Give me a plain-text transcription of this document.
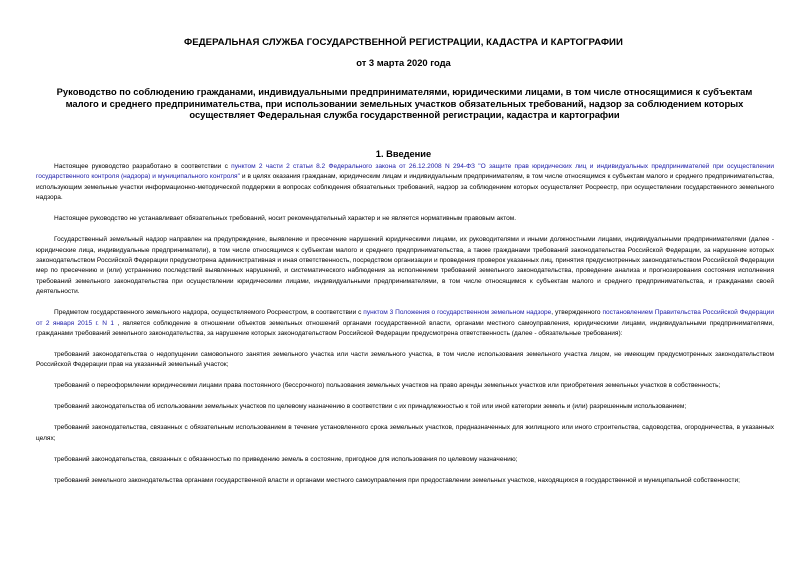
ФЕДЕРАЛЬНАЯ СЛУЖБА ГОСУДАРСТВЕННОЙ РЕГИСТРАЦИИ, КАДАСТРА И КАРТОГРАФИИ
от 3 марта 2020 года
Руководство по соблюдению гражданами, индивидуальными предпринимателями, юридическими лицами, в том числе относящимися к субъектам малого и среднего предпринимательства, при использовании земельных участков обязательных требований, надзор за соблюдением которых осуществляет Федеральная служба государственной регистрации, кадастра и картографии
1. Введение

Настоящее руководство разработано в соответствии с пунктом 2 части 2 статьи 8.2 Федерального закона от 26.12.2008 N 294-ФЗ "О защите прав юридических лиц и индивидуальных предпринимателей при осуществлении государственного контроля (надзора) и муниципального контроля" и в целях оказания гражданам, юридическим лицам и индивидуальным предпринимателям, в том числе относящимся к субъектам малого и среднего предпринимательства, использующим земельные участки информационно-методической поддержки в вопросах соблюдения обязательных требований, надзор за соблюдением которых осуществляет Росреестр, при осуществлении государственного земельного надзора.

Настоящее руководство не устанавливает обязательных требований, носит рекомендательный характер и не является нормативным правовым актом.

Государственный земельный надзор направлен на предупреждение, выявление и пресечение нарушений юридическими лицами, их руководителями и иными должностными лицами, индивидуальными предпринимателями (далее - юридические лица, индивидуальные предприниматели), в том числе относящимся к субъектам малого и среднего предпринимательства, а также гражданами требований законодательства Российской Федерации, за нарушение которых законодательством Российской Федерации предусмотрена административная и иная ответственность, посредством организации и проведения проверок указанных лиц, принятия предусмотренных законодательством Российской Федерации мер по пресечению и (или) устранению последствий выявленных нарушений, и систематического наблюдения за исполнением требований земельного законодательства, проведение анализа и прогнозирования состояния исполнения требований земельного законодательства при осуществлении юридическими лицами, индивидуальными предпринимателями, в том числе относящимся к субъектам малого и среднего предпринимательства, и гражданами своей деятельности.

Предметом государственного земельного надзора, осуществляемого Росреестром, в соответствии с пунктом 3 Положения о государственном земельном надзоре, утвержденного постановлением Правительства Российской Федерации от 2 января 2015 г. N 1 , является соблюдение в отношении объектов земельных отношений органами государственной власти, органами местного самоуправления, юридическими лицами, индивидуальными предпринимателями, гражданами требований земельного законодательства, за нарушение которых законодательством Российской Федерации предусмотрена ответственность (далее - обязательные требования):

требований законодательства о недопущении самовольного занятия земельного участка или части земельного участка, в том числе использования земельного участка лицом, не имеющим предусмотренных законодательством Российской Федерации прав на указанный земельный участок;

требований о переоформлении юридическими лицами права постоянного (бессрочного) пользования земельных участков на право аренды земельных участков или приобретения земельных участков в собственность;

требований законодательства об использовании земельных участков по целевому назначению в соответствии с их принадлежностью к той или иной категории земель и (или) разрешенным использованием;

требований законодательства, связанных с обязательным использованием в течение установленного срока земельных участков, предназначенных для жилищного или иного строительства, садоводства, огородничества, в указанных целях;

требований законодательства, связанных с обязанностью по приведению земель в состояние, пригодное для использования по целевому назначению;

требований земельного законодательства органами государственной власти и органами местного самоуправления при предоставлении земельных участков, находящихся в государственной и муниципальной собственности;
